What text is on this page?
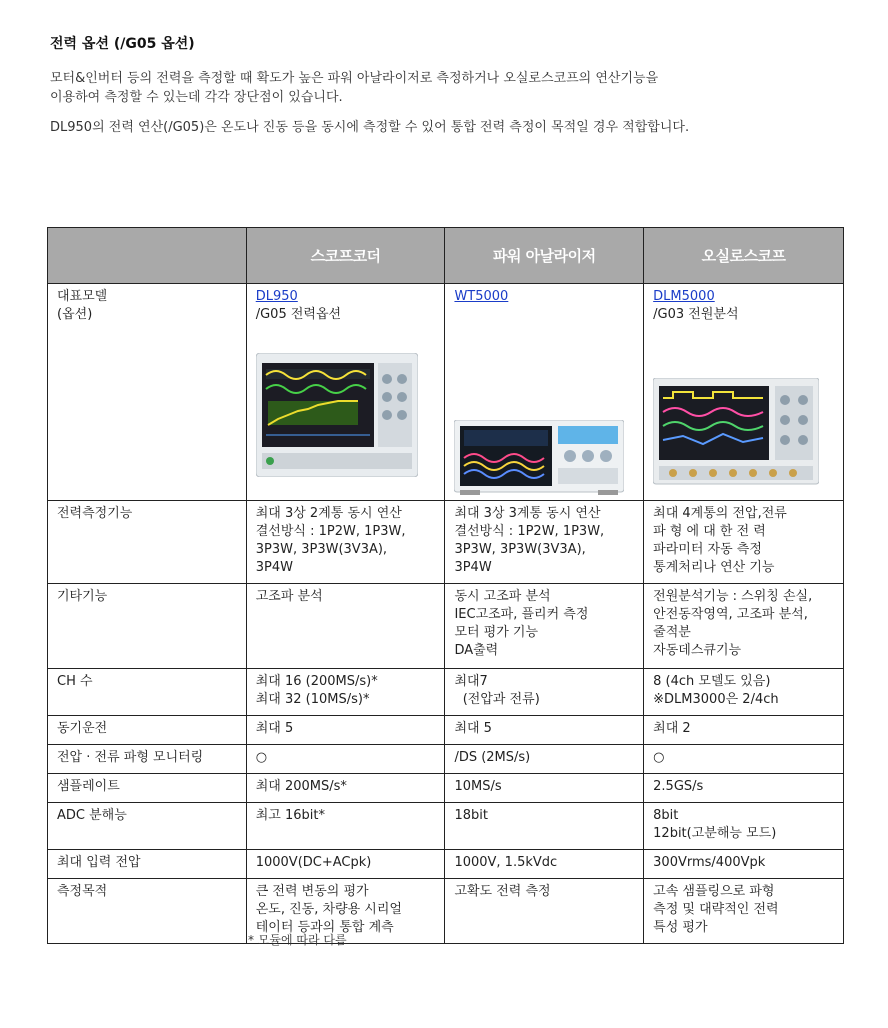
전력 옵션 (/G05 옵션)

모터&인버터 등의 전력을 측정할 때 확도가 높은 파워 아날라이저로 측정하거나 오실로스코프의 연산기능을
이용하여 측정할 수 있는데 각각 장단점이 있습니다.

DL950의 전력 연산(/G05)은 온도나 진동 등을 동시에 측정할 수 있어 통합 전력 측정이 목적일 경우 적합합니다.

	스코프코더	파워 아날라이저	오실로스코프

대표모델
(옵션)	DL950
/G05 전력옵션	WT5000	DLM5000
/G03 전원분석

전력측정기능	최대 3상 2계통 동시 연산
결선방식 : 1P2W, 1P3W,
3P3W, 3P3W(3V3A),
3P4W	최대 3상 3계통 동시 연산
결선방식 : 1P2W, 1P3W,
3P3W, 3P3W(3V3A),
3P4W	최대 4계통의 전압,전류
파 형 에 대 한 전 력
파라미터 자동 측정
통계처리나 연산 기능

기타기능	고조파 분석	동시 고조파 분석
IEC고조파, 플리커 측정
모터 평가 기능
DA출력	전원분석기능 : 스위칭 손실,
안전동작영역, 고조파 분석,
줄적분
자동데스큐기능

CH 수	최대 16 (200MS/s)*
최대 32 (10MS/s)*	최대7
(전압과 전류)	8 (4ch 모델도 있음)
※DLM3000은 2/4ch

동기운전	최대 5	최대 5	최대 2
전압 · 전류 파형 모니터링	○	/DS (2MS/s)	○
샘플레이트	최대 200MS/s*	10MS/s	2.5GS/s
ADC 분해능	최고 16bit*	18bit	8bit
12bit(고분해능 모드)

최대 입력 전압	1000V(DC+ACpk)	1000V, 1.5kVdc	300Vrms/400Vpk
측정목적	큰 전력 변동의 평가
온도, 진동, 차량용 시리얼
테이터 등과의 통합 계측	고확도 전력 측정	고속 샘플링으로 파형
측정 및 대략적인 전력
특성 평가
* 모듈에 따라 다름
